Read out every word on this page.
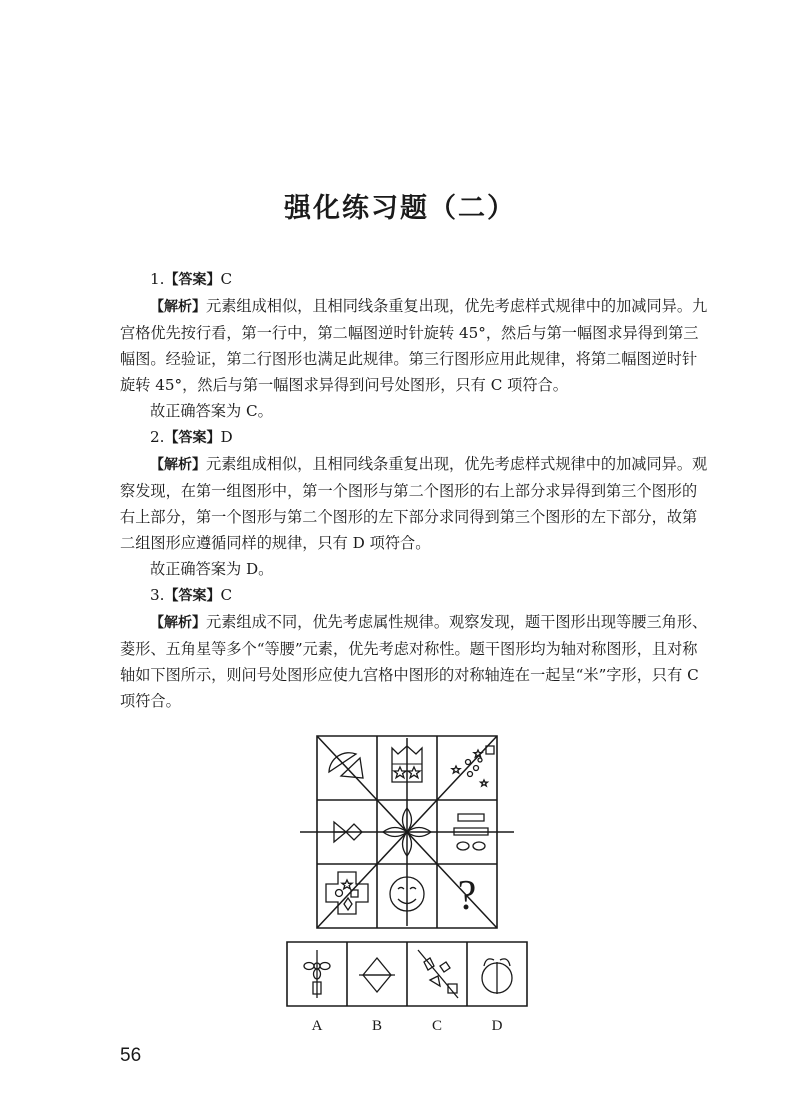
强化练习题（二）

1.【答案】C

【解析】元素组成相似，且相同线条重复出现，优先考虑样式规律中的加减同异。九宫格优先按行看，第一行中，第二幅图逆时针旋转 45°，然后与第一幅图求异得到第三幅图。经验证，第二行图形也满足此规律。第三行图形应用此规律，将第二幅图逆时针旋转 45°，然后与第一幅图求异得到问号处图形，只有 C 项符合。

故正确答案为 C。

2.【答案】D

【解析】元素组成相似，且相同线条重复出现，优先考虑样式规律中的加减同异。观察发现，在第一组图形中，第一个图形与第二个图形的右上部分求异得到第三个图形的右上部分，第一个图形与第二个图形的左下部分求同得到第三个图形的左下部分，故第二组图形应遵循同样的规律，只有 D 项符合。

故正确答案为 D。

3.【答案】C

【解析】元素组成不同，优先考虑属性规律。观察发现，题干图形出现等腰三角形、菱形、五角星等多个“等腰”元素，优先考虑对称性。题干图形均为轴对称图形，且对称轴如下图所示，则问号处图形应使九宫格中图形的对称轴连在一起呈“米”字形，只有 C 项符合。

?
A	B	C	D
56
